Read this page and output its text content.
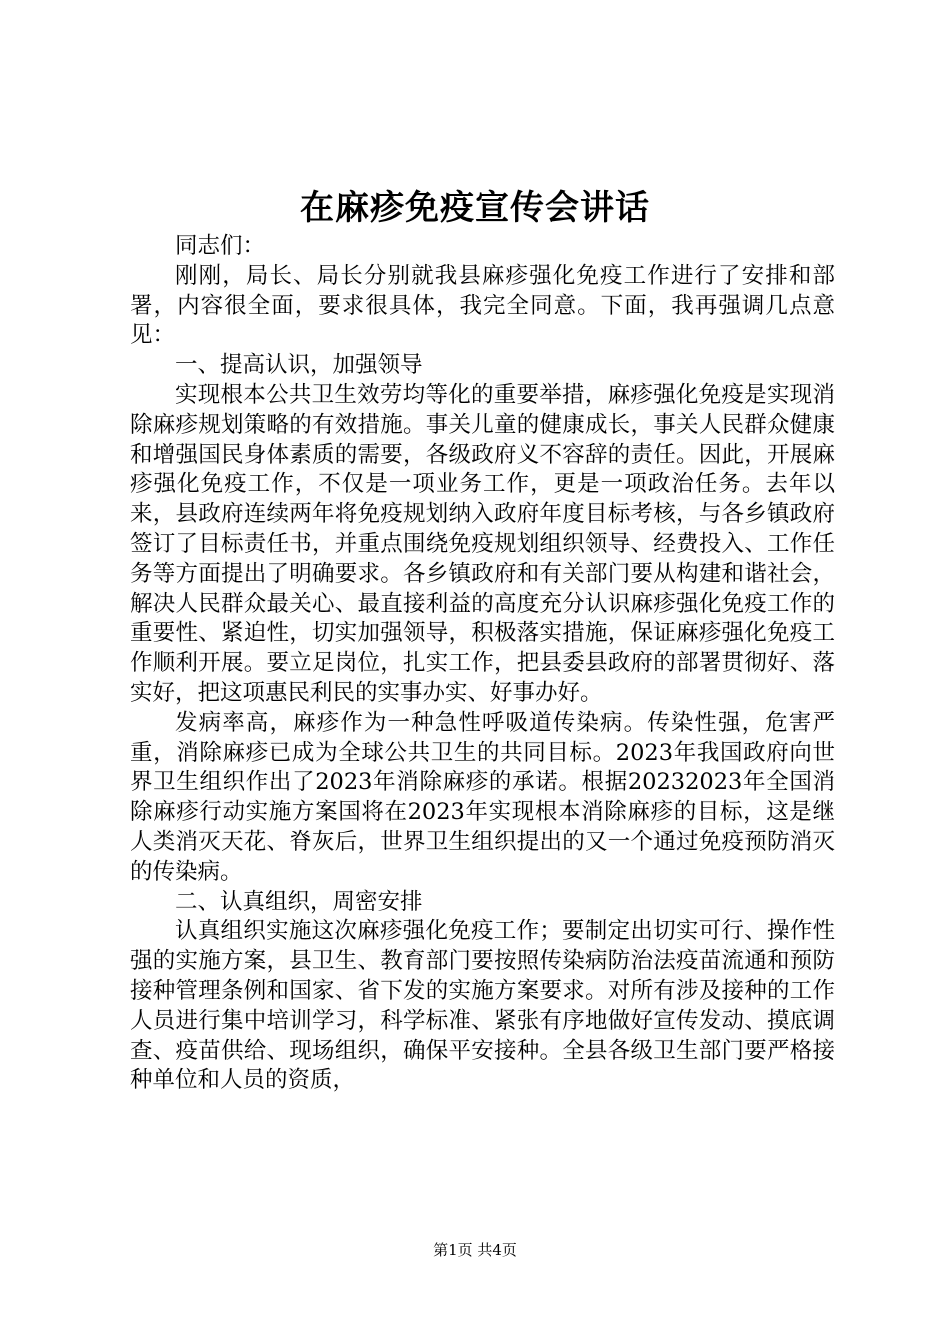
在麻疹免疫宣传会讲话

同志们：

刚刚，局长、局长分别就我县麻疹强化免疫工作进行了安排和部署，内容很全面，要求很具体，我完全同意。下面，我再强调几点意见：

一、提高认识，加强领导

实现根本公共卫生效劳均等化的重要举措，麻疹强化免疫是实现消除麻疹规划策略的有效措施。事关儿童的健康成长，事关人民群众健康和增强国民身体素质的需要，各级政府义不容辞的责任。因此，开展麻疹强化免疫工作，不仅是一项业务工作，更是一项政治任务。去年以来，县政府连续两年将免疫规划纳入政府年度目标考核，与各乡镇政府签订了目标责任书，并重点围绕免疫规划组织领导、经费投入、工作任务等方面提出了明确要求。各乡镇政府和有关部门要从构建和谐社会，解决人民群众最关心、最直接利益的高度充分认识麻疹强化免疫工作的重要性、紧迫性，切实加强领导，积极落实措施，保证麻疹强化免疫工作顺利开展。要立足岗位，扎实工作，把县委县政府的部署贯彻好、落实好，把这项惠民利民的实事办实、好事办好。

发病率高，麻疹作为一种急性呼吸道传染病。传染性强，危害严重，消除麻疹已成为全球公共卫生的共同目标。2023年我国政府向世界卫生组织作出了2023年消除麻疹的承诺。根据20232023年全国消除麻疹行动实施方案国将在2023年实现根本消除麻疹的目标，这是继人类消灭天花、脊灰后，世界卫生组织提出的又一个通过免疫预防消灭的传染病。

二、认真组织，周密安排

认真组织实施这次麻疹强化免疫工作；要制定出切实可行、操作性强的实施方案，县卫生、教育部门要按照传染病防治法疫苗流通和预防接种管理条例和国家、省下发的实施方案要求。对所有涉及接种的工作人员进行集中培训学习，科学标准、紧张有序地做好宣传发动、摸底调查、疫苗供给、现场组织，确保平安接种。全县各级卫生部门要严格接种单位和人员的资质，

第1页 共4页
